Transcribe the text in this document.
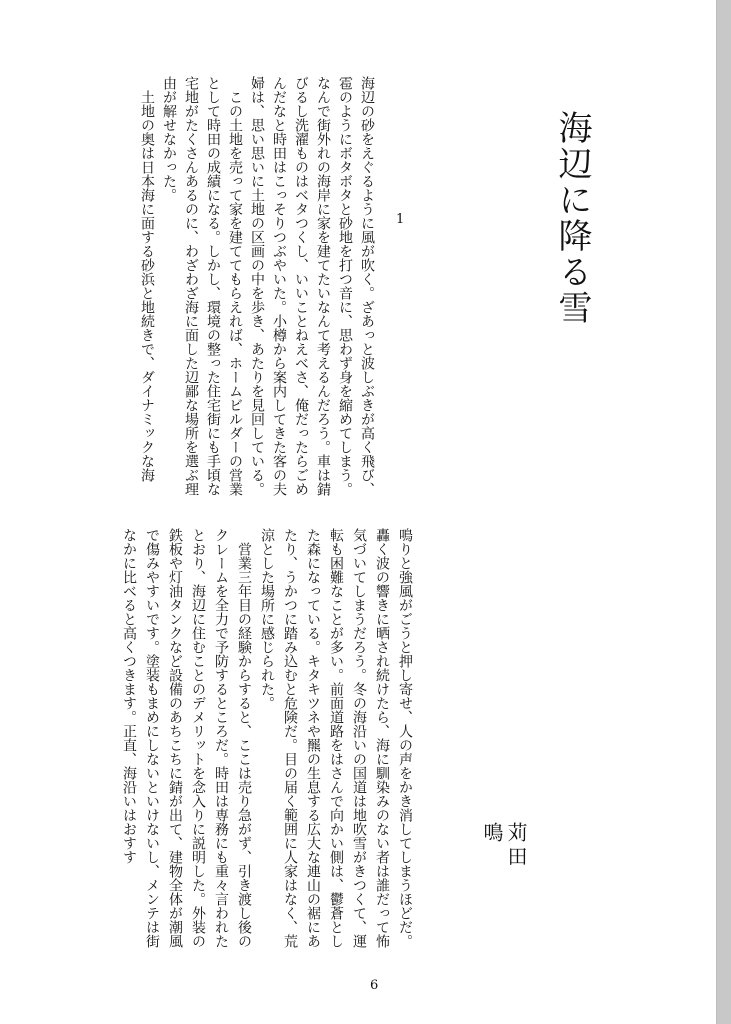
海辺に降る雪
1
海辺の砂をえぐるように風が吹く。ざあっと波しぶきが高く飛び、雹のようにボタボタと砂地を打つ音に、思わず身を縮めてしまう。なんで街外れの海岸に家を建てたいなんて考えるんだろう。車は錆びるし洗濯ものはベタつくし、いいことねえべさ、俺だったらごめんだなと時田はこっそりつぶやいた。小樽から案内してきた客の夫婦は、思い思いに土地の区画の中を歩き、あたりを見回している。
この土地を売って家を建ててもらえれば、ホームビルダーの営業として時田の成績になる。しかし、環境の整った住宅街にも手頃な宅地がたくさんあるのに、わざわざ海に面した辺鄙な場所を選ぶ理由が解せなかった。
土地の奥は日本海に面する砂浜と地続きで、ダイナミックな海
鳴りと強風がごうと押し寄せ、人の声をかき消してしまうほどだ。轟く波の響きに晒され続けたら、海に馴染みのない者は誰だって怖気づいてしまうだろう。冬の海沿いの国道は地吹雪がきつくて、運転も困難なことが多い。前面道路をはさんで向かい側は、鬱蒼とした森になっている。キタキツネや羆の生息する広大な連山の裾にあたり、うかつに踏み込むと危険だ。目の届く範囲に人家はなく、荒涼とした場所に感じられた。
営業三年目の経験からすると、ここは売り急がず、引き渡し後のクレームを全力で予防するところだ。時田は専務にも重々言われたとおり、海辺に住むことのデメリットを念入りに説明した。外装の鉄板や灯油タンクなど設備のあちこちに錆が出て、建物全体が潮風で傷みやすいです。塗装もまめにしないといけないし、メンテは街なかに比べると高くつきます。正直、海沿いはおすす	苅田　鳴
6
